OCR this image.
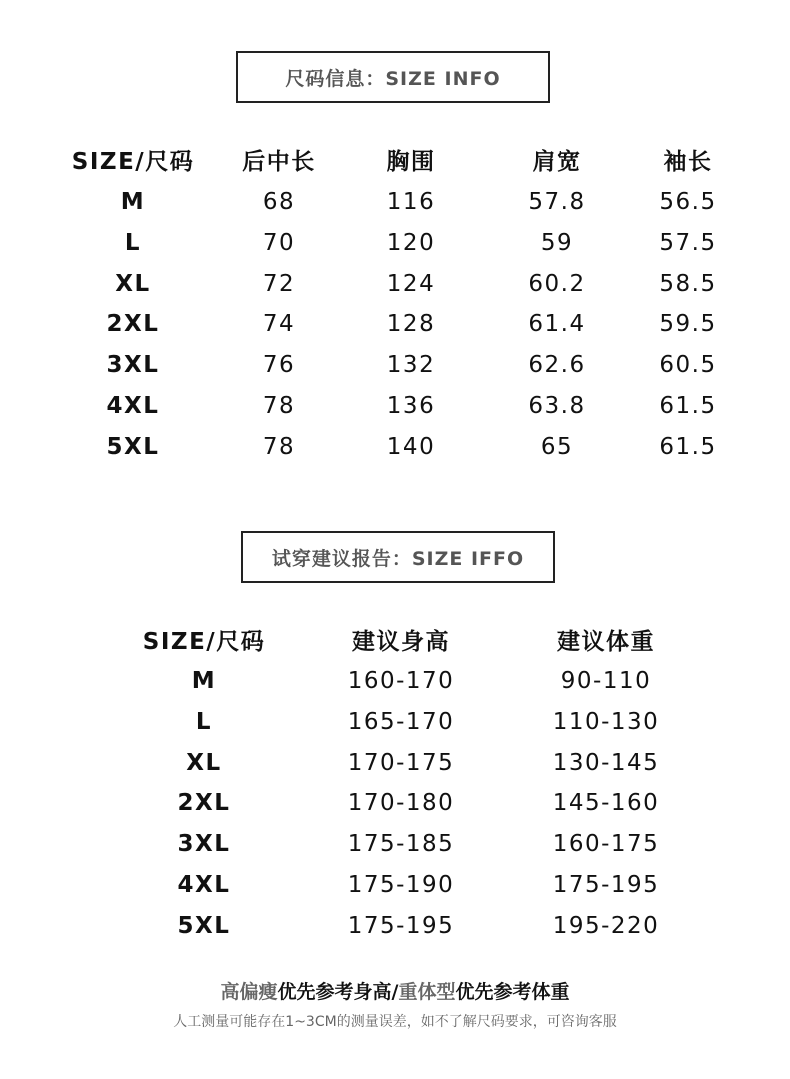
尺码信息：SIZE INFO
SIZE/尺码 后中长	胸围	肩宽	袖长
M	68	116	57.8	56.5
L	70	120	59	57.5
XL	72	124	60.2	58.5
2XL	74	128	61.4	59.5
3XL	76	132	62.6	60.5
4XL	78	136	63.8	61.5
5XL	78	140	65	61.5
试穿建议报告：SIZE IFFO
SIZE/尺码	建议身高	建议体重
M	160-170	90-110
L	165-170	110-130
XL	170-175	130-145
2XL	170-180	145-160
3XL	175-185	160-175
4XL	175-190	175-195
5XL	175-195	195-220
高偏瘦优先参考身高/重体型优先参考体重
人工测量可能存在1~3CM的测量误差，如不了解尺码要求，可咨询客服
